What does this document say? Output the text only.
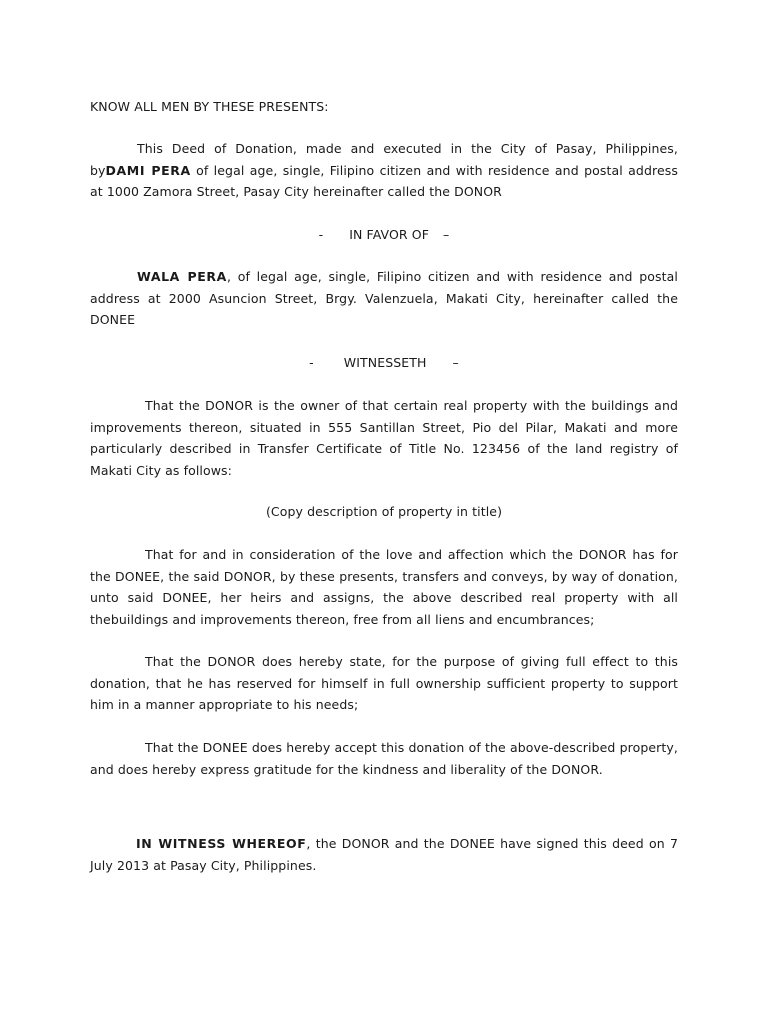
KNOW ALL MEN BY THESE PRESENTS:
This Deed of Donation, made and executed in the City of Pasay, Philippines, byDAMI PERA of legal age, single, Filipino citizen and with residence and postal address at 1000 Zamora Street, Pasay City hereinafter called the DONOR
- IN FAVOR OF –
WALA PERA, of legal age, single, Filipino citizen and with residence and postal address at 2000 Asuncion Street, Brgy. Valenzuela, Makati City, hereinafter called the DONEE
- WITNESSETH –
That the DONOR is the owner of that certain real property with the buildings and improvements thereon, situated in 555 Santillan Street, Pio del Pilar, Makati and more particularly described in Transfer Certificate of Title No. 123456 of the land registry of Makati City as follows:
(Copy description of property in title)
That for and in consideration of the love and affection which the DONOR has for the DONEE, the said DONOR, by these presents, transfers and conveys, by way of donation, unto said DONEE, her heirs and assigns, the above described real property with all thebuildings and improvements thereon, free from all liens and encumbrances;
That the DONOR does hereby state, for the purpose of giving full effect to this donation, that he has reserved for himself in full ownership sufficient property to support him in a manner appropriate to his needs;
That the DONEE does hereby accept this donation of the above-described property, and does hereby express gratitude for the kindness and liberality of the DONOR.
IN WITNESS WHEREOF, the DONOR and the DONEE have signed this deed on 7 July 2013 at Pasay City, Philippines.
